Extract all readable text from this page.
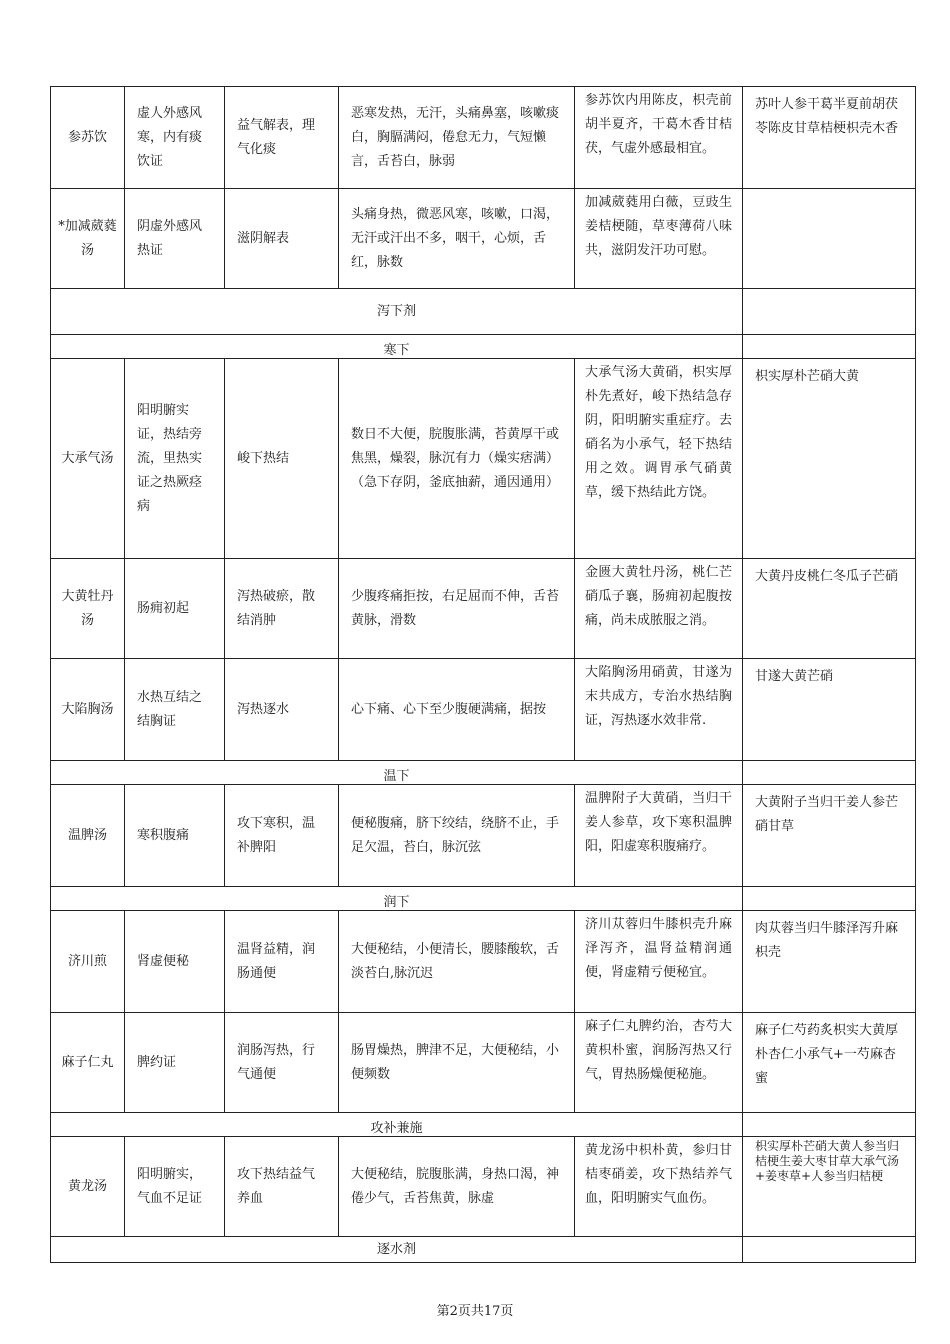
参苏饮	虚人外感风寒，内有痰饮证	益气解表，理气化痰	恶寒发热，无汗，头痛鼻塞，咳嗽痰白，胸膈满闷，倦怠无力，气短懒言，舌苔白，脉弱	参苏饮内用陈皮，枳壳前胡半夏齐，干葛木香甘桔茯，气虚外感最相宜。	苏叶人参干葛半夏前胡茯苓陈皮甘草桔梗枳壳木香
*加减葳蕤汤	阴虚外感风热证	滋阴解表	头痛身热，微恶风寒，咳嗽，口渴，无汗或汗出不多，咽干，心烦，舌红，脉数	加减葳蕤用白薇，豆豉生姜桔梗随，草枣薄荷八味共，滋阴发汗功可慰。	
泻下剂					
寒下					
大承气汤	阳明腑实证，热结旁流，里热实证之热厥痉病	峻下热结	数日不大便，脘腹胀满，苔黄厚干或焦黑，燥裂，脉沉有力（燥实痞满）（急下存阴，釜底抽薪，通因通用）	大承气汤大黄硝，枳实厚朴先煮好，峻下热结急存阴，阳明腑实重症疗。去硝名为小承气，轻下热结用之效。调胃承气硝黄草，缓下热结此方饶。	枳实厚朴芒硝大黄
大黄牡丹汤	肠痈初起	泻热破瘀，散结消肿	少腹疼痛拒按，右足屈而不伸，舌苔黄脉，滑数	金匮大黄牡丹汤，桃仁芒硝瓜子襄，肠痈初起腹按痛，尚未成脓服之消。	大黄丹皮桃仁冬瓜子芒硝
大陷胸汤	水热互结之结胸证	泻热逐水	心下痛、心下至少腹硬满痛，据按	大陷胸汤用硝黄，甘遂为末共成方，专治水热结胸证，泻热逐水效非常.	甘遂大黄芒硝
温下					
温脾汤	寒积腹痛	攻下寒积，温补脾阳	便秘腹痛，脐下绞结，绕脐不止，手足欠温，苔白，脉沉弦	温脾附子大黄硝，当归干姜人参草，攻下寒积温脾阳，阳虚寒积腹痛疗。	大黄附子当归干姜人参芒硝甘草
润下					
济川煎	肾虚便秘	温肾益精，润肠通便	大便秘结，小便清长，腰膝酸软，舌淡苔白,脉沉迟	济川苁蓉归牛膝枳壳升麻泽泻齐，温肾益精润通便，肾虚精亏便秘宜。	肉苁蓉当归牛膝泽泻升麻枳壳
麻子仁丸	脾约证	润肠泻热，行气通便	肠胃燥热，脾津不足，大便秘结，小便频数	麻子仁丸脾约治，杏芍大黄枳朴蜜，润肠泻热又行气，胃热肠燥便秘施。	麻子仁芍药炙枳实大黄厚朴杏仁小承气+一芍麻杏蜜
攻补兼施					
黄龙汤	阳明腑实，气血不足证	攻下热结益气养血	大便秘结，脘腹胀满，身热口渴，神倦少气，舌苔焦黄，脉虚	黄龙汤中枳朴黄，参归甘桔枣硝姜，攻下热结养气血，阳明腑实气血伤。	枳实厚朴芒硝大黄人参当归桔梗生姜大枣甘草大承气汤+姜枣草+人参当归桔梗
逐水剂					
第2页共17页
